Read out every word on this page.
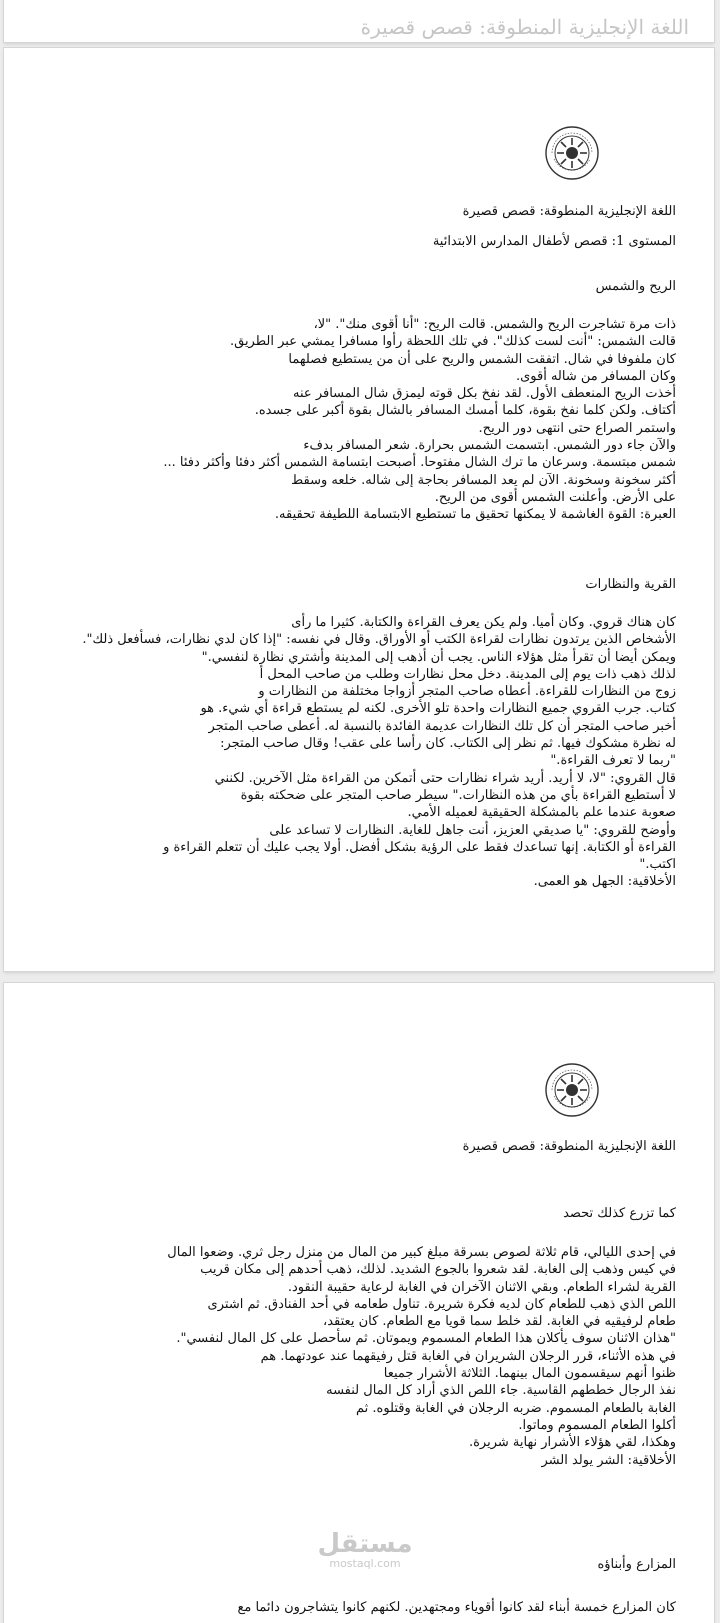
اللغة الإنجليزية المنطوقة: قصص قصيرة
اللغة الإنجليزية المنطوقة: قصص قصيرة
المستوى 1: قصص لأطفال المدارس الابتدائية
الريح والشمس
ذات مرة تشاجرت الريح والشمس. قالت الريح: "أنا أقوى منك". "لا،
قالت الشمس: "أنت لست كذلك". في تلك اللحظة رأوا مسافرا يمشي عبر الطريق.
كان ملفوفا في شال. اتفقت الشمس والريح على أن من يستطيع فصلهما
وكان المسافر من شاله أقوى.
أخذت الريح المنعطف الأول. لقد نفخ بكل قوته ليمزق شال المسافر عنه
أكتاف. ولكن كلما نفخ بقوة، كلما أمسك المسافر بالشال بقوة أكبر على جسده.
واستمر الصراع حتى انتهى دور الريح.
والآن جاء دور الشمس. ابتسمت الشمس بحرارة. شعر المسافر بدفء
شمس مبتسمة. وسرعان ما ترك الشال مفتوحا. أصبحت ابتسامة الشمس أكثر دفئا وأكثر دفئا ...
أكثر سخونة وسخونة. الآن لم يعد المسافر بحاجة إلى شاله. خلعه وسقط
على الأرض. وأعلنت الشمس أقوى من الريح.
العبرة: القوة الغاشمة لا يمكنها تحقيق ما تستطيع الابتسامة اللطيفة تحقيقه.
القرية والنظارات
كان هناك قروي. وكان أميا. ولم يكن يعرف القراءة والكتابة. كثيرا ما رأى
الأشخاص الذين يرتدون نظارات لقراءة الكتب أو الأوراق. وقال في نفسه: "إذا كان لدي نظارات، فسأفعل ذلك".
ويمكن أيضا أن تقرأ مثل هؤلاء الناس. يجب أن أذهب إلى المدينة وأشتري نظارة لنفسي."
لذلك ذهب ذات يوم إلى المدينة. دخل محل نظارات وطلب من صاحب المحل أ
زوج من النظارات للقراءة. أعطاه صاحب المتجر أزواجا مختلفة من النظارات و
كتاب. جرب القروي جميع النظارات واحدة تلو الأخرى. لكنه لم يستطع قراءة أي شيء. هو
أخبر صاحب المتجر أن كل تلك النظارات عديمة الفائدة بالنسبة له. أعطى صاحب المتجر
له نظرة مشكوك فيها. ثم نظر إلى الكتاب. كان رأسا على عقب! وقال صاحب المتجر:
"ربما لا تعرف القراءة."
قال القروي: "لا، لا أريد. أريد شراء نظارات حتى أتمكن من القراءة مثل الآخرين. لكنني
لا أستطيع القراءة بأي من هذه النظارات." سيطر صاحب المتجر على ضحكته بقوة
صعوبة عندما علم بالمشكلة الحقيقية لعميله الأمي.
وأوضح للقروي: "يا صديقي العزيز، أنت جاهل للغاية. النظارات لا تساعد على
القراءة أو الكتابة. إنها تساعدك فقط على الرؤية بشكل أفضل. أولا يجب عليك أن تتعلم القراءة و
اكتب."
الأخلاقية: الجهل هو العمى.
اللغة الإنجليزية المنطوقة: قصص قصيرة
كما تزرع كذلك تحصد
في إحدى الليالي، قام ثلاثة لصوص بسرقة مبلغ كبير من المال من منزل رجل ثري. وضعوا المال
في كيس وذهب إلى الغابة. لقد شعروا بالجوع الشديد. لذلك، ذهب أحدهم إلى مكان قريب
القرية لشراء الطعام. وبقي الاثنان الآخران في الغابة لرعاية حقيبة النقود.
اللص الذي ذهب للطعام كان لديه فكرة شريرة. تناول طعامه في أحد الفنادق. ثم اشترى
طعام لرفيقيه في الغابة. لقد خلط سما قويا مع الطعام. كان يعتقد،
"هذان الاثنان سوف يأكلان هذا الطعام المسموم ويموتان. ثم سأحصل على كل المال لنفسي".
في هذه الأثناء، قرر الرجلان الشريران في الغابة قتل رفيقهما عند عودتهما. هم
ظنوا أنهم سيقسمون المال بينهما. الثلاثة الأشرار جميعا
نفذ الرجال خططهم القاسية. جاء اللص الذي أراد كل المال لنفسه
الغابة بالطعام المسموم. ضربه الرجلان في الغابة وقتلوه. ثم
أكلوا الطعام المسموم وماتوا.
وهكذا، لقي هؤلاء الأشرار نهاية شريرة.
الأخلاقية: الشر يولد الشر
المزارع وأبناؤه
كان المزارع خمسة أبناء لقد كانوا أقوياء ومجتهدين. لكنهم كانوا يتشاجرون دائما مع
مستقل
mostaql.com
